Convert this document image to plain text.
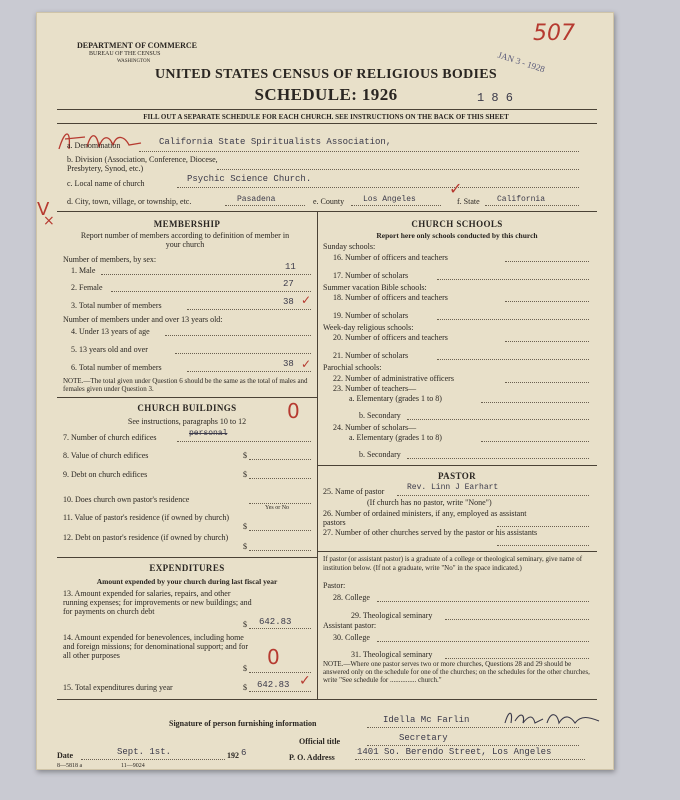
DEPARTMENT OF COMMERCE
BUREAU OF THE CENSUS
WASHINGTON
507
JAN 3 - 1928
UNITED STATES CENSUS OF RELIGIOUS BODIES
SCHEDULE: 1926	1 8 6
FILL OUT A SEPARATE SCHEDULE FOR EACH CHURCH. SEE INSTRUCTIONS ON THE BACK OF THIS SHEET
a. Denomination	California State Spiritualists Association,
b. Division (Association, Conference, Diocese, Presbytery, Synod, etc.)
c. Local name of church	Psychic Science Church.
d. City, town, village, or township, etc.	Pasadena	e. County Los Angeles	f. State California
✓
V
×	MEMBERSHIP
Report number of members according to definition of member in your church
Number of members, by sex:
1. Male	11
2. Female	27
3. Total number of members	38 ✓
Number of members under and over 13 years old:
4. Under 13 years of age
5. 13 years old and over
6. Total number of members	38 ✓
NOTE.—The total given under Question 6 should be the same as the total of males and females given under Question 3.
CHURCH BUILDINGS
See instructions, paragraphs 10 to 12	0
7. Number of church edifices	personal
8. Value of church edifices	$
9. Debt on church edifices	$
10. Does church own pastor's residence
Yes or No
11. Value of pastor's residence (if owned by church)
$
12. Debt on pastor's residence (if owned by church)
$
EXPENDITURES
Amount expended by your church during last fiscal year
13. Amount expended for salaries, repairs, and other running expenses; for improvements or new buildings; and for payments on church debt
$ 642.83
14. Amount expended for benevolences, including home and foreign missions; for denominational support; and for all other purposes
$ 0
15. Total expenditures during year	$ 642.83 ✓
CHURCH SCHOOLS
Report here only schools conducted by this church
Sunday schools:
16. Number of officers and teachers
17. Number of scholars
Summer vacation Bible schools:
18. Number of officers and teachers
19. Number of scholars
Week-day religious schools:
20. Number of officers and teachers
21. Number of scholars
Parochial schools:
22. Number of administrative officers
23. Number of teachers—
a. Elementary (grades 1 to 8)
b. Secondary
24. Number of scholars—
a. Elementary (grades 1 to 8)
b. Secondary
PASTOR
25. Name of pastor	Rev. Linn J Earhart
(If church has no pastor, write "None")
26. Number of ordained ministers, if any, employed as assistant pastors
27. Number of other churches served by the pastor or his assistants
If pastor (or assistant pastor) is a graduate of a college or theological seminary, give name of institution below. (If not a graduate, write "No" in the space indicated.)
Pastor:
28. College
29. Theological seminary
Assistant pastor:
30. College
31. Theological seminary
NOTE.—Where one pastor serves two or more churches, Questions 28 and 29 should be answered only on the schedule for one of the churches; on the schedules for the other churches, write "See schedule for ............... church."
Signature of person furnishing information	Idella Mc Farlin
Official title	Secretary
Date	Sept. 1st.	192 6	P. O. Address
1401 So. Berendo Street, Los Angeles
8—5818 a	11—9024
